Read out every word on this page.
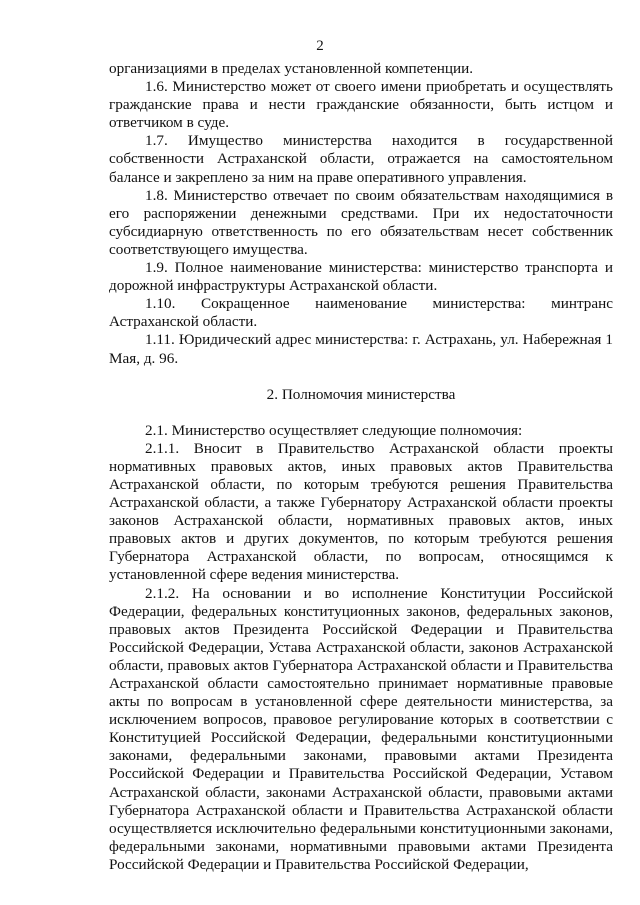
2

организациями в пределах установленной компетенции.

1.6. Министерство может от своего имени приобретать и осуществлять гражданские права и нести гражданские обязанности, быть истцом и ответчиком в суде.

1.7. Имущество министерства находится в государственной собственности Астраханской области, отражается на самостоятельном балансе и закреплено за ним на праве оперативного управления.

1.8. Министерство отвечает по своим обязательствам находящимися в его распоряжении денежными средствами. При их недостаточности субсидиарную ответственность по его обязательствам несет собственник соответствующего имущества.

1.9. Полное наименование министерства: министерство транспорта и дорожной инфраструктуры Астраханской области.

1.10. Сокращенное наименование министерства: минтранс Астраханской области.

1.11. Юридический адрес министерства: г. Астрахань, ул. Набережная 1 Мая, д. 96.

2. Полномочия министерства

2.1. Министерство осуществляет следующие полномочия:

2.1.1. Вносит в Правительство Астраханской области проекты нормативных правовых актов, иных правовых актов Правительства Астраханской области, по которым требуются решения Правительства Астраханской области, а также Губернатору Астраханской области проекты законов Астраханской области, нормативных правовых актов, иных правовых актов и других документов, по которым требуются решения Губернатора Астраханской области, по вопросам, относящимся к установленной сфере ведения министерства.

2.1.2. На основании и во исполнение Конституции Российской Федерации, федеральных конституционных законов, федеральных законов, правовых актов Президента Российской Федерации и Правительства Российской Федерации, Устава Астраханской области, законов Астраханской области, правовых актов Губернатора Астраханской области и Правительства Астраханской области самостоятельно принимает нормативные правовые акты по вопросам в установленной сфере деятельности министерства, за исключением вопросов, правовое регулирование которых в соответствии с Конституцией Российской Федерации, федеральными конституционными законами, федеральными законами, правовыми актами Президента Российской Федерации и Правительства Российской Федерации, Уставом Астраханской области, законами Астраханской области, правовыми актами Губернатора Астраханской области и Правительства Астраханской области осуществляется исключительно федеральными конституционными законами, федеральными законами, нормативными правовыми актами Президента Российской Федерации и Правительства Российской Федерации,
